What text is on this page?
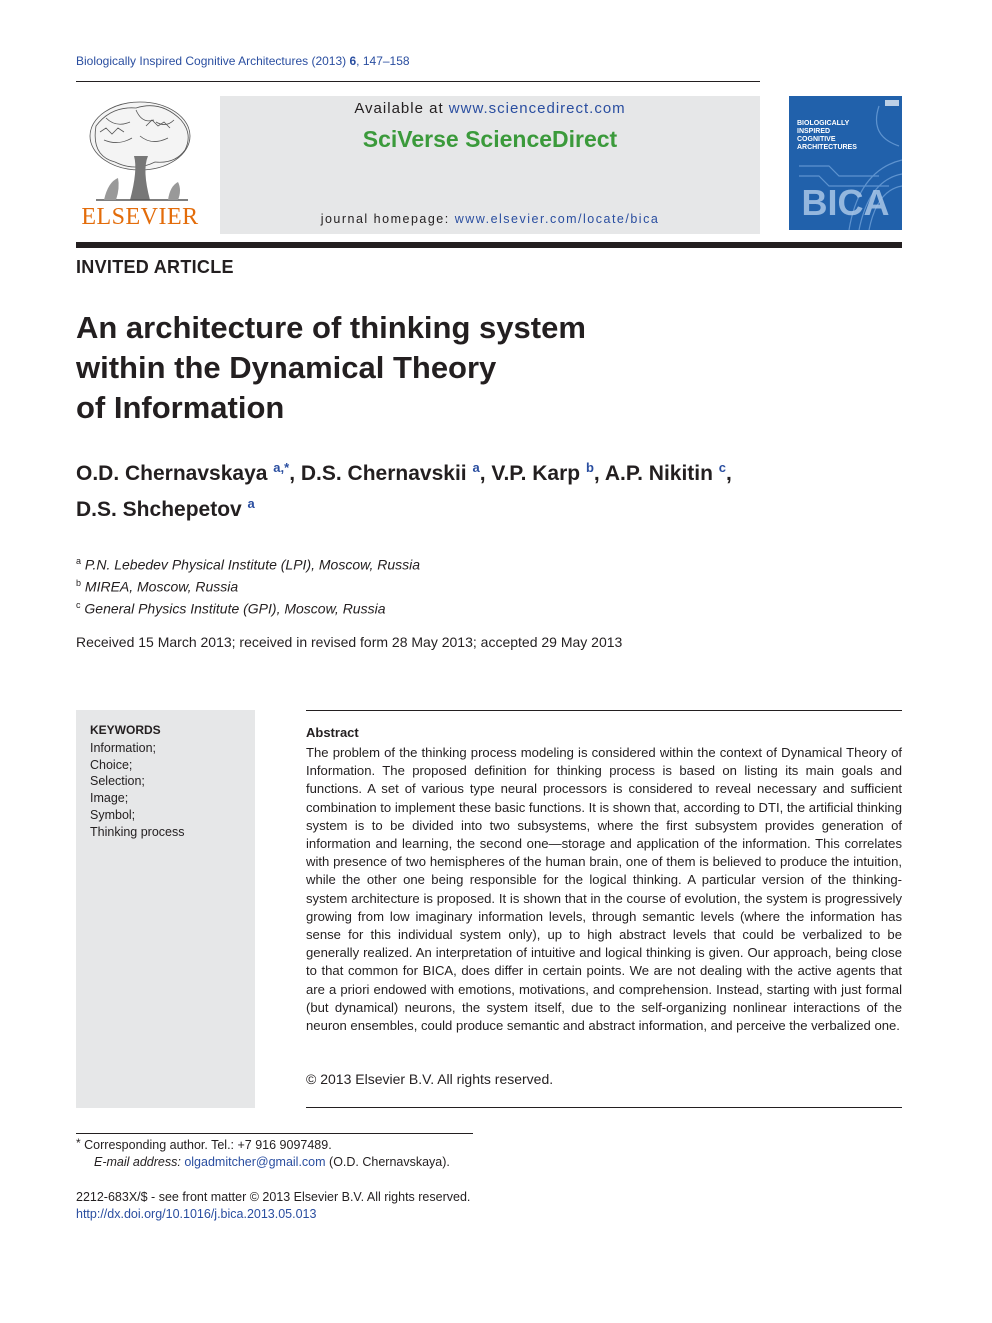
Biologically Inspired Cognitive Architectures (2013) 6, 147–158
ELSEVIER
Available at www.sciencedirect.com
SciVerse ScienceDirect
journal homepage: www.elsevier.com/locate/bica
BIOLOGICALLY INSPIRED COGNITIVE ARCHITECTURES
BICA
INVITED ARTICLE
An architecture of thinking system
within the Dynamical Theory
of Information
O.D. Chernavskaya $^{a,*}$, D.S. Chernavskii $^a$, V.P. Karp $^b$, A.P. Nikitin $^c$,
D.S. Shchepetov $^a$
$^a$ P.N. Lebedev Physical Institute (LPI), Moscow, Russia
$^b$ MIREA, Moscow, Russia
$^c$ General Physics Institute (GPI), Moscow, Russia
Received 15 March 2013; received in revised form 28 May 2013; accepted 29 May 2013
KEYWORDS
Information;
Choice;
Selection;
Image;
Symbol;
Thinking process
Abstract
The problem of the thinking process modeling is considered within the context of Dynamical Theory of Information. The proposed definition for thinking process is based on listing its main goals and functions. A set of various type neural processors is considered to reveal necessary and sufficient combination to implement these basic functions. It is shown that, according to DTI, the artificial thinking system is to be divided into two subsystems, where the first subsystem provides generation of information and learning, the second one—storage and application of the information. This correlates with presence of two hemispheres of the human brain, one of them is believed to produce the intuition, while the other one being responsible for the logical thinking. A particular version of the thinking-system architecture is proposed. It is shown that in the course of evolution, the system is progressively growing from low imaginary information levels, through semantic levels (where the information has sense for this individual system only), up to high abstract levels that could be verbalized to be generally realized. An interpretation of intuitive and logical thinking is given. Our approach, being close to that common for BICA, does differ in certain points. We are not dealing with the active agents that are a priori endowed with emotions, motivations, and comprehension. Instead, starting with just formal (but dynamical) neurons, the system itself, due to the self-organizing nonlinear interactions of the neuron ensembles, could produce semantic and abstract information, and perceive the verbalized one.
© 2013 Elsevier B.V. All rights reserved.
* Corresponding author. Tel.: +7 916 9097489.
E-mail address: olgadmitcher@gmail.com (O.D. Chernavskaya).
2212-683X/$ - see front matter © 2013 Elsevier B.V. All rights reserved.
http://dx.doi.org/10.1016/j.bica.2013.05.013
